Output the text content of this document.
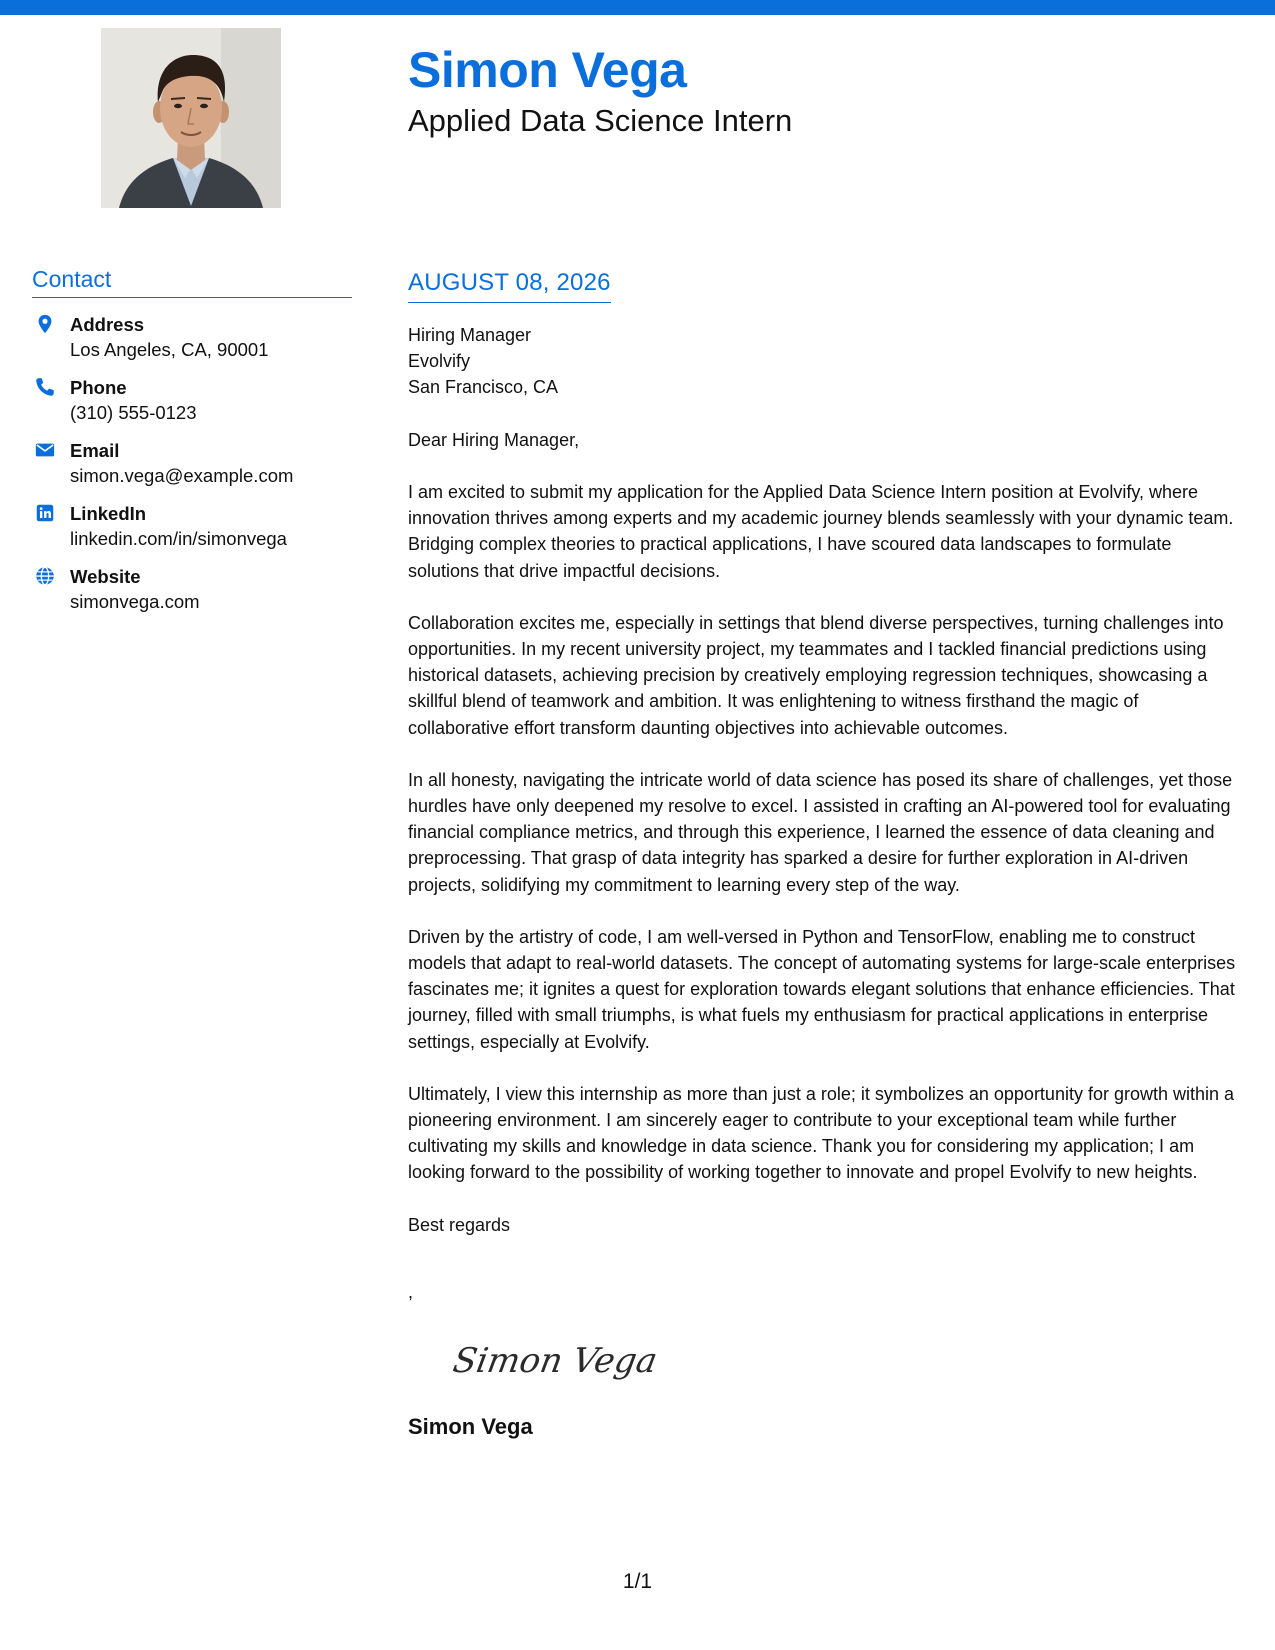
Simon Vega
Applied Data Science Intern
Contact
Address
Los Angeles, CA, 90001
Phone
(310) 555-0123
Email
simon.vega@example.com
LinkedIn
linkedin.com/in/simonvega
Website
simonvega.com
AUGUST 08, 2026
Hiring Manager
Evolvify
San Francisco, CA
Dear Hiring Manager,

I am excited to submit my application for the Applied Data Science Intern position at Evolvify, where innovation thrives among experts and my academic journey blends seamlessly with your dynamic team. Bridging complex theories to practical applications, I have scoured data landscapes to formulate solutions that drive impactful decisions.

Collaboration excites me, especially in settings that blend diverse perspectives, turning challenges into opportunities. In my recent university project, my teammates and I tackled financial predictions using historical datasets, achieving precision by creatively employing regression techniques, showcasing a skillful blend of teamwork and ambition. It was enlightening to witness firsthand the magic of collaborative effort transform daunting objectives into achievable outcomes.

In all honesty, navigating the intricate world of data science has posed its share of challenges, yet those hurdles have only deepened my resolve to excel. I assisted in crafting an AI-powered tool for evaluating financial compliance metrics, and through this experience, I learned the essence of data cleaning and preprocessing. That grasp of data integrity has sparked a desire for further exploration in AI-driven projects, solidifying my commitment to learning every step of the way.

Driven by the artistry of code, I am well-versed in Python and TensorFlow, enabling me to construct models that adapt to real-world datasets. The concept of automating systems for large-scale enterprises fascinates me; it ignites a quest for exploration towards elegant solutions that enhance efficiencies. That journey, filled with small triumphs, is what fuels my enthusiasm for practical applications in enterprise settings, especially at Evolvify.

Ultimately, I view this internship as more than just a role; it symbolizes an opportunity for growth within a pioneering environment. I am sincerely eager to contribute to your exceptional team while further cultivating my skills and knowledge in data science. Thank you for considering my application; I am looking forward to the possibility of working together to innovate and propel Evolvify to new heights.

Best regards
,
Simon Vega
Simon Vega
1/1
